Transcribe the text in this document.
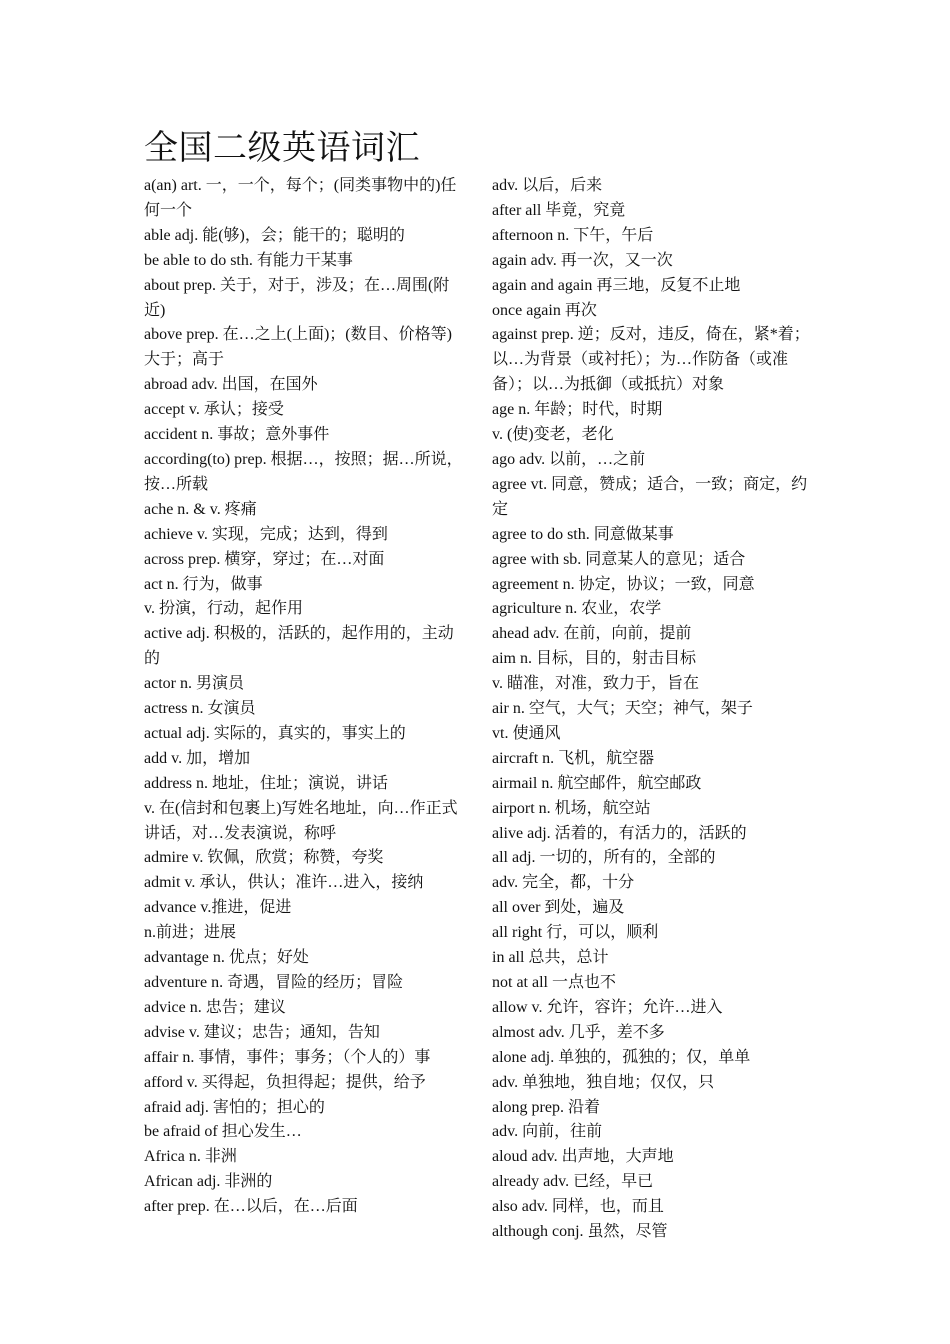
全国二级英语词汇
a(an) art. 一，一个，每个；(同类事物中的)任何一个
able adj. 能(够)，会；能干的；聪明的
be able to do sth. 有能力干某事
about prep. 关于，对于，涉及；在…周围(附近)
above prep. 在…之上(上面)；(数目、价格等)大于；高于
abroad adv. 出国，在国外
accept v. 承认；接受
accident n. 事故；意外事件
according(to) prep. 根据…，按照；据…所说，按…所载
ache n. & v. 疼痛
achieve v. 实现，完成；达到，得到
across prep. 横穿，穿过；在…对面
act n. 行为，做事
v. 扮演，行动，起作用
active adj. 积极的，活跃的，起作用的，主动的
actor n. 男演员
actress n. 女演员
actual adj. 实际的，真实的，事实上的
add v. 加，增加
address n. 地址，住址；演说，讲话
v. 在(信封和包裹上)写姓名地址，向…作正式讲话，对…发表演说，称呼
admire v. 钦佩，欣赏；称赞，夸奖
admit v. 承认，供认；准许…进入，接纳
advance v.推进，促进
n.前进；进展
advantage n. 优点；好处
adventure n. 奇遇，冒险的经历；冒险
advice n. 忠告；建议
advise v. 建议；忠告；通知，告知
affair n. 事情，事件；事务；（个人的）事
afford v. 买得起，负担得起；提供，给予
afraid adj. 害怕的；担心的
be afraid of 担心发生…
Africa n. 非洲
African adj. 非洲的
after prep. 在…以后，在…后面
adv. 以后，后来
after all 毕竟，究竟
afternoon n. 下午，午后
again adv. 再一次，又一次
again and again 再三地，反复不止地
once again 再次
against prep. 逆；反对，违反，倚在，紧*着；以…为背景（或衬托）；为…作防备（或准备）；以…为抵御（或抵抗）对象
age n. 年龄；时代，时期
v. (使)变老，老化
ago adv. 以前，…之前
agree vt. 同意，赞成；适合，一致；商定，约定
agree to do sth. 同意做某事
agree with sb. 同意某人的意见；适合
agreement n. 协定，协议；一致，同意
agriculture n. 农业，农学
ahead adv. 在前，向前，提前
aim n. 目标，目的，射击目标
v. 瞄准，对准，致力于，旨在
air n. 空气，大气；天空；神气，架子
vt. 使通风
aircraft n. 飞机，航空器
airmail n. 航空邮件，航空邮政
airport n. 机场，航空站
alive adj. 活着的，有活力的，活跃的
all adj. 一切的，所有的，全部的
adv. 完全，都，十分
all over 到处，遍及
all right 行，可以，顺利
in all 总共，总计
not at all 一点也不
allow v. 允许，容许；允许…进入
almost adv. 几乎，差不多
alone adj. 单独的，孤独的；仅，单单
adv. 单独地，独自地；仅仅，只
along prep. 沿着
adv. 向前，往前
aloud adv. 出声地，大声地
already adv. 已经，早已
also adv. 同样，也，而且
although conj. 虽然，尽管
